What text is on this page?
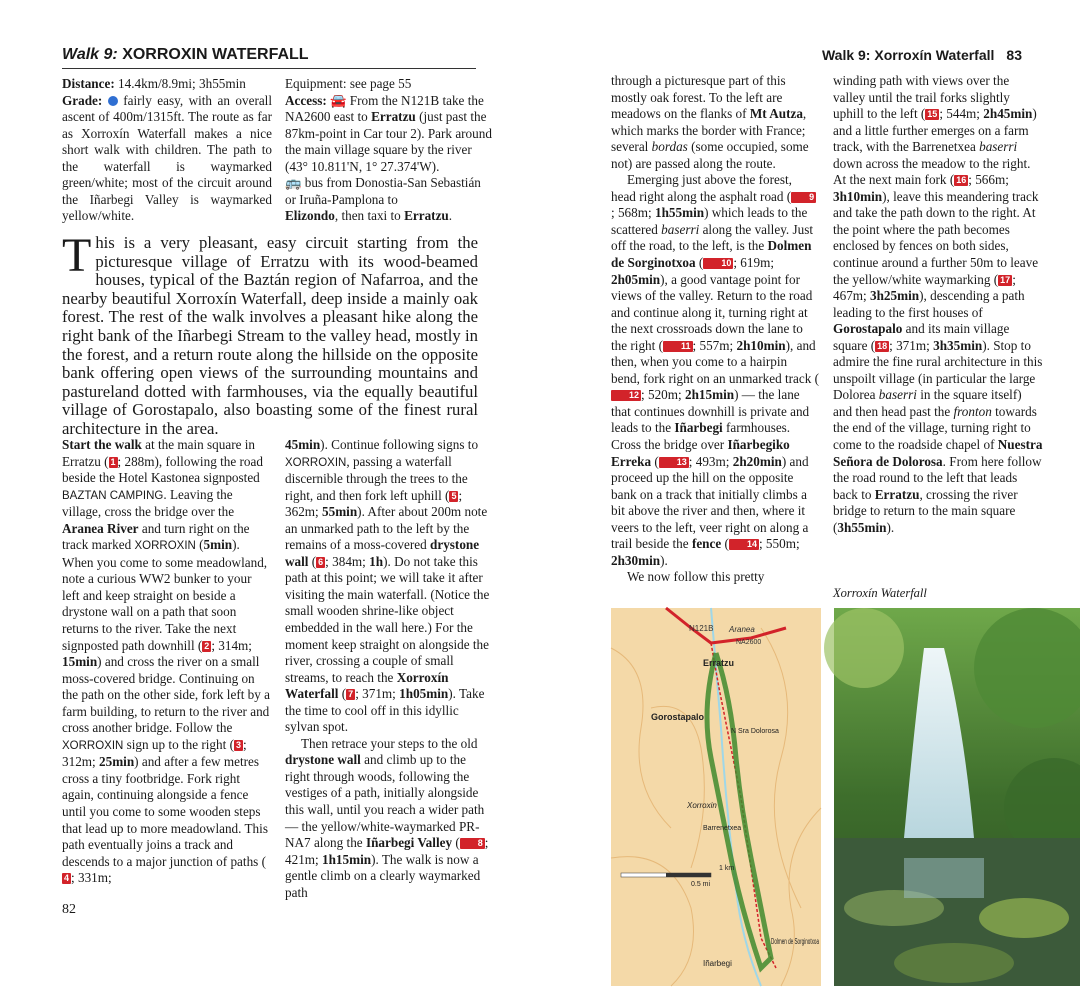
Walk 9: XORROXIN WATERFALL
Distance: 14.4km/8.9mi; 3h55min
Grade: fairly easy, with an overall ascent of 400m/1315ft. The route as far as Xorroxín Waterfall makes a nice short walk with children. The path to the waterfall is waymarked green/white; most of the circuit around the Iñarbegi Valley is waymarked yellow/white.
Equipment: see page 55
Access: 🚘 From the N121B take the NA2600 east to Erratzu (just past the 87km-point in Car tour 2). Park around the main village square by the river (43° 10.811'N, 1° 27.374'W).
🚌 bus from Donostia-San Sebastián or Iruña-Pamplona to
Elizondo, then taxi to Erratzu.
This is a very pleasant, easy circuit starting from the picturesque village of Erratzu with its wood-beamed houses, typical of the Baztán region of Nafarroa, and the nearby beautiful Xorroxín Waterfall, deep inside a mainly oak forest. The rest of the walk involves a pleasant hike along the right bank of the Iñarbegi Stream to the valley head, mostly in the forest, and a return route along the hillside on the opposite bank offering open views of the surrounding mountains and pastureland dotted with farmhouses, via the equally beautiful village of Gorostapalo, also boasting some of the finest rural architecture in the area.

Start the walk at the main square in Erratzu ( 1 ; 288m), following the road beside the Hotel Kastonea signposted BAZTAN CAMPING. Leaving the village, cross the bridge over the Aranea River and turn right on the track marked XORROXIN (5min). When you come to some meadowland, note a curious WW2 bunker to your left and keep straight on beside a drystone wall on a path that soon returns to the river. Take the next signposted path downhill ( 2 ; 314m; 15min) and cross the river on a small moss-covered bridge. Continuing on the path on the other side, fork left by a farm building, to return to the river and cross another bridge. Follow the XORROXIN sign up to the right ( 3 ; 312m; 25min) and after a few metres cross a tiny footbridge. Fork right again, continuing alongside a fence until you come to some wooden steps that lead up to more meadowland. This path eventually joins a track and descends to a major junction of paths (4 ; 331m;

45min). Continue following signs to XORROXIN, passing a waterfall discernible through the trees to the right, and then fork left uphill ( 5 ; 362m; 55min). After about 200m note an unmarked path to the left by the remains of a moss-covered drystone wall ( 6 ; 384m; 1h). Do not take this path at this point; we will take it after visiting the main waterfall. (Notice the small wooden shrine-like object embedded in the wall here.) For the moment keep straight on alongside the river, crossing a couple of small streams, to reach the Xorroxín Waterfall ( 7 ; 371m; 1h05min). Take the time to cool off in this idyllic sylvan spot.

Then retrace your steps to the old drystone wall and climb up to the right through woods, following the vestiges of a path, initially alongside this wall, until you reach a wider path — the yellow/white-waymarked PR-NA7 along the Iñarbegi Valley ( 8 ; 421m; 1h15min). The walk is now a gentle climb on a clearly waymarked path

82
Walk 9: Xorroxín Waterfall 83

through a picturesque part of this mostly oak forest. To the left are meadows on the flanks of Mt Autza, which marks the border with France; several bordas (some occupied, some not) are passed along the route.

Emerging just above the forest, head right along the asphalt road ( 9; 568m; 1h55min) which leads to the scattered baserri along the valley. Just off the road, to the left, is the Dolmen de Sorginotxoa ( 10 ; 619m; 2h05min), a good vantage point for views of the valley. Return to the road and continue along it, turning right at the next crossroads down the lane to the right ( 11 ; 557m; 2h10min), and then, when you come to a hairpin bend, fork right on an unmarked track (12 ; 520m; 2h15min) — the lane that continues downhill is private and leads to the Iñarbegi farmhouses. Cross the bridge over Iñarbegiko Erreka ( 13 ; 493m; 2h20min) and proceed up the hill on the opposite bank on a track that initially climbs a bit above the river and then, where it veers to the left, veer right on along a trail beside the fence ( 14 ; 550m; 2h30min).

We now follow this pretty

winding path with views over the valley until the trail forks slightly uphill to the left ( 15 ; 544m; 2h45min) and a little further emerges on a farm track, with the Barrenetxea baserri down across the meadow to the right. At the next main fork ( 16 ; 566m; 3h10min), leave this meandering track and take the path down to the right. At the point where the path becomes enclosed by fences on both sides, continue around a further 50m to leave the yellow/white waymarking ( 17 ; 467m; 3h25min), descending a path leading to the first houses of Gorostapalo and its main village square ( 18 ; 371m; 3h35min). Stop to admire the fine rural architecture in this unspoilt village (in particular the large Dolorea baserri in the square itself) and then head past the fronton towards the end of the village, turning right to come to the roadside chapel of Nuestra Señora de Dolorosa. From here follow the road round to the left that leads back to Erratzu, crossing the river bridge to return to the main square (3h55min).

Xorroxín Waterfall
N121B Aranea
NA2600
Erratzu
Gorostapalo
N Sra Dolorosa
Xorroxin
Barrenetxea
1 km
0.5 mi
Dolmen de Sorginotxoa
Iñarbegi
